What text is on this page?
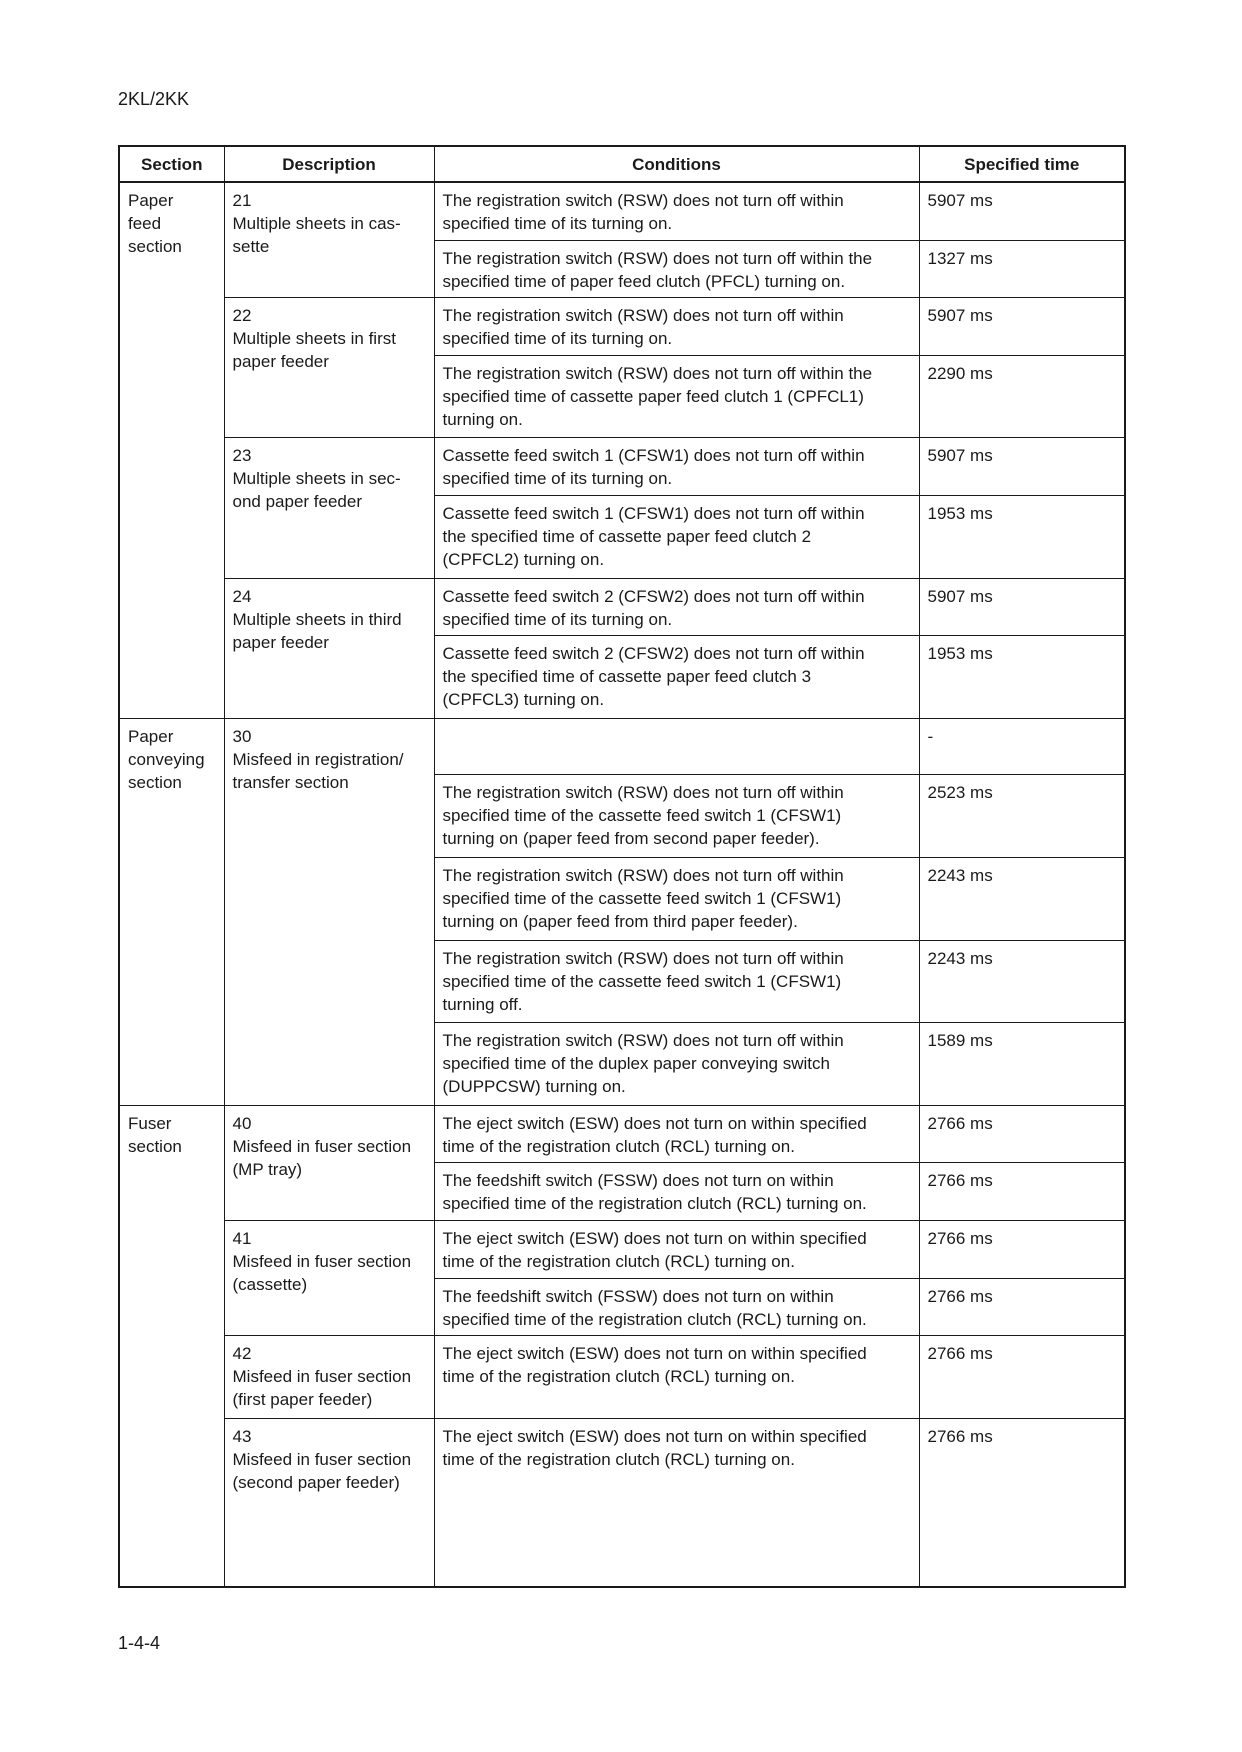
2KL/2KK
Section	Description	Conditions	Specified time
Paper
feed
section	21
Multiple sheets in cas-
sette	The registration switch (RSW) does not turn off within
specified time of its turning on.	5907 ms
		The registration switch (RSW) does not turn off within the
specified time of paper feed clutch (PFCL) turning on.	1327 ms

	22
Multiple sheets in first
paper feeder	The registration switch (RSW) does not turn off within
specified time of its turning on.	5907 ms
		The registration switch (RSW) does not turn off within the
specified time of cassette paper feed clutch 1 (CPFCL1)
turning on.	2290 ms

	23
Multiple sheets in sec-
ond paper feeder	Cassette feed switch 1 (CFSW1) does not turn off within
specified time of its turning on.	5907 ms
		Cassette feed switch 1 (CFSW1) does not turn off within
the specified time of cassette paper feed clutch 2
(CPFCL2) turning on.	1953 ms

	24
Multiple sheets in third
paper feeder	Cassette feed switch 2 (CFSW2) does not turn off within
specified time of its turning on.	5907 ms
		Cassette feed switch 2 (CFSW2) does not turn off within
the specified time of cassette paper feed clutch 3
(CPFCL3) turning on.	1953 ms
Paper
conveying
section	30
Misfeed in registration/
transfer section		-
		The registration switch (RSW) does not turn off within
specified time of the cassette feed switch 1 (CFSW1)
turning on (paper feed from second paper feeder).	2523 ms
		The registration switch (RSW) does not turn off within
specified time of the cassette feed switch 1 (CFSW1)
turning on (paper feed from third paper feeder).	2243 ms
		The registration switch (RSW) does not turn off within
specified time of the cassette feed switch 1 (CFSW1)
turning off.	2243 ms
		The registration switch (RSW) does not turn off within
specified time of the duplex paper conveying switch
(DUPPCSW) turning on.	1589 ms
Fuser
section	40
Misfeed in fuser section
(MP tray)	The eject switch (ESW) does not turn on within specified
time of the registration clutch (RCL) turning on.	2766 ms
		The feedshift switch (FSSW) does not turn on within
specified time of the registration clutch (RCL) turning on.	2766 ms

	41
Misfeed in fuser section
(cassette)	The eject switch (ESW) does not turn on within specified
time of the registration clutch (RCL) turning on.	2766 ms
		The feedshift switch (FSSW) does not turn on within
specified time of the registration clutch (RCL) turning on.	2766 ms

	42
Misfeed in fuser section
(first paper feeder)	The eject switch (ESW) does not turn on within specified
time of the registration clutch (RCL) turning on.	2766 ms

	43
Misfeed in fuser section
(second paper feeder)	The eject switch (ESW) does not turn on within specified
time of the registration clutch (RCL) turning on.	2766 ms
1-4-4
